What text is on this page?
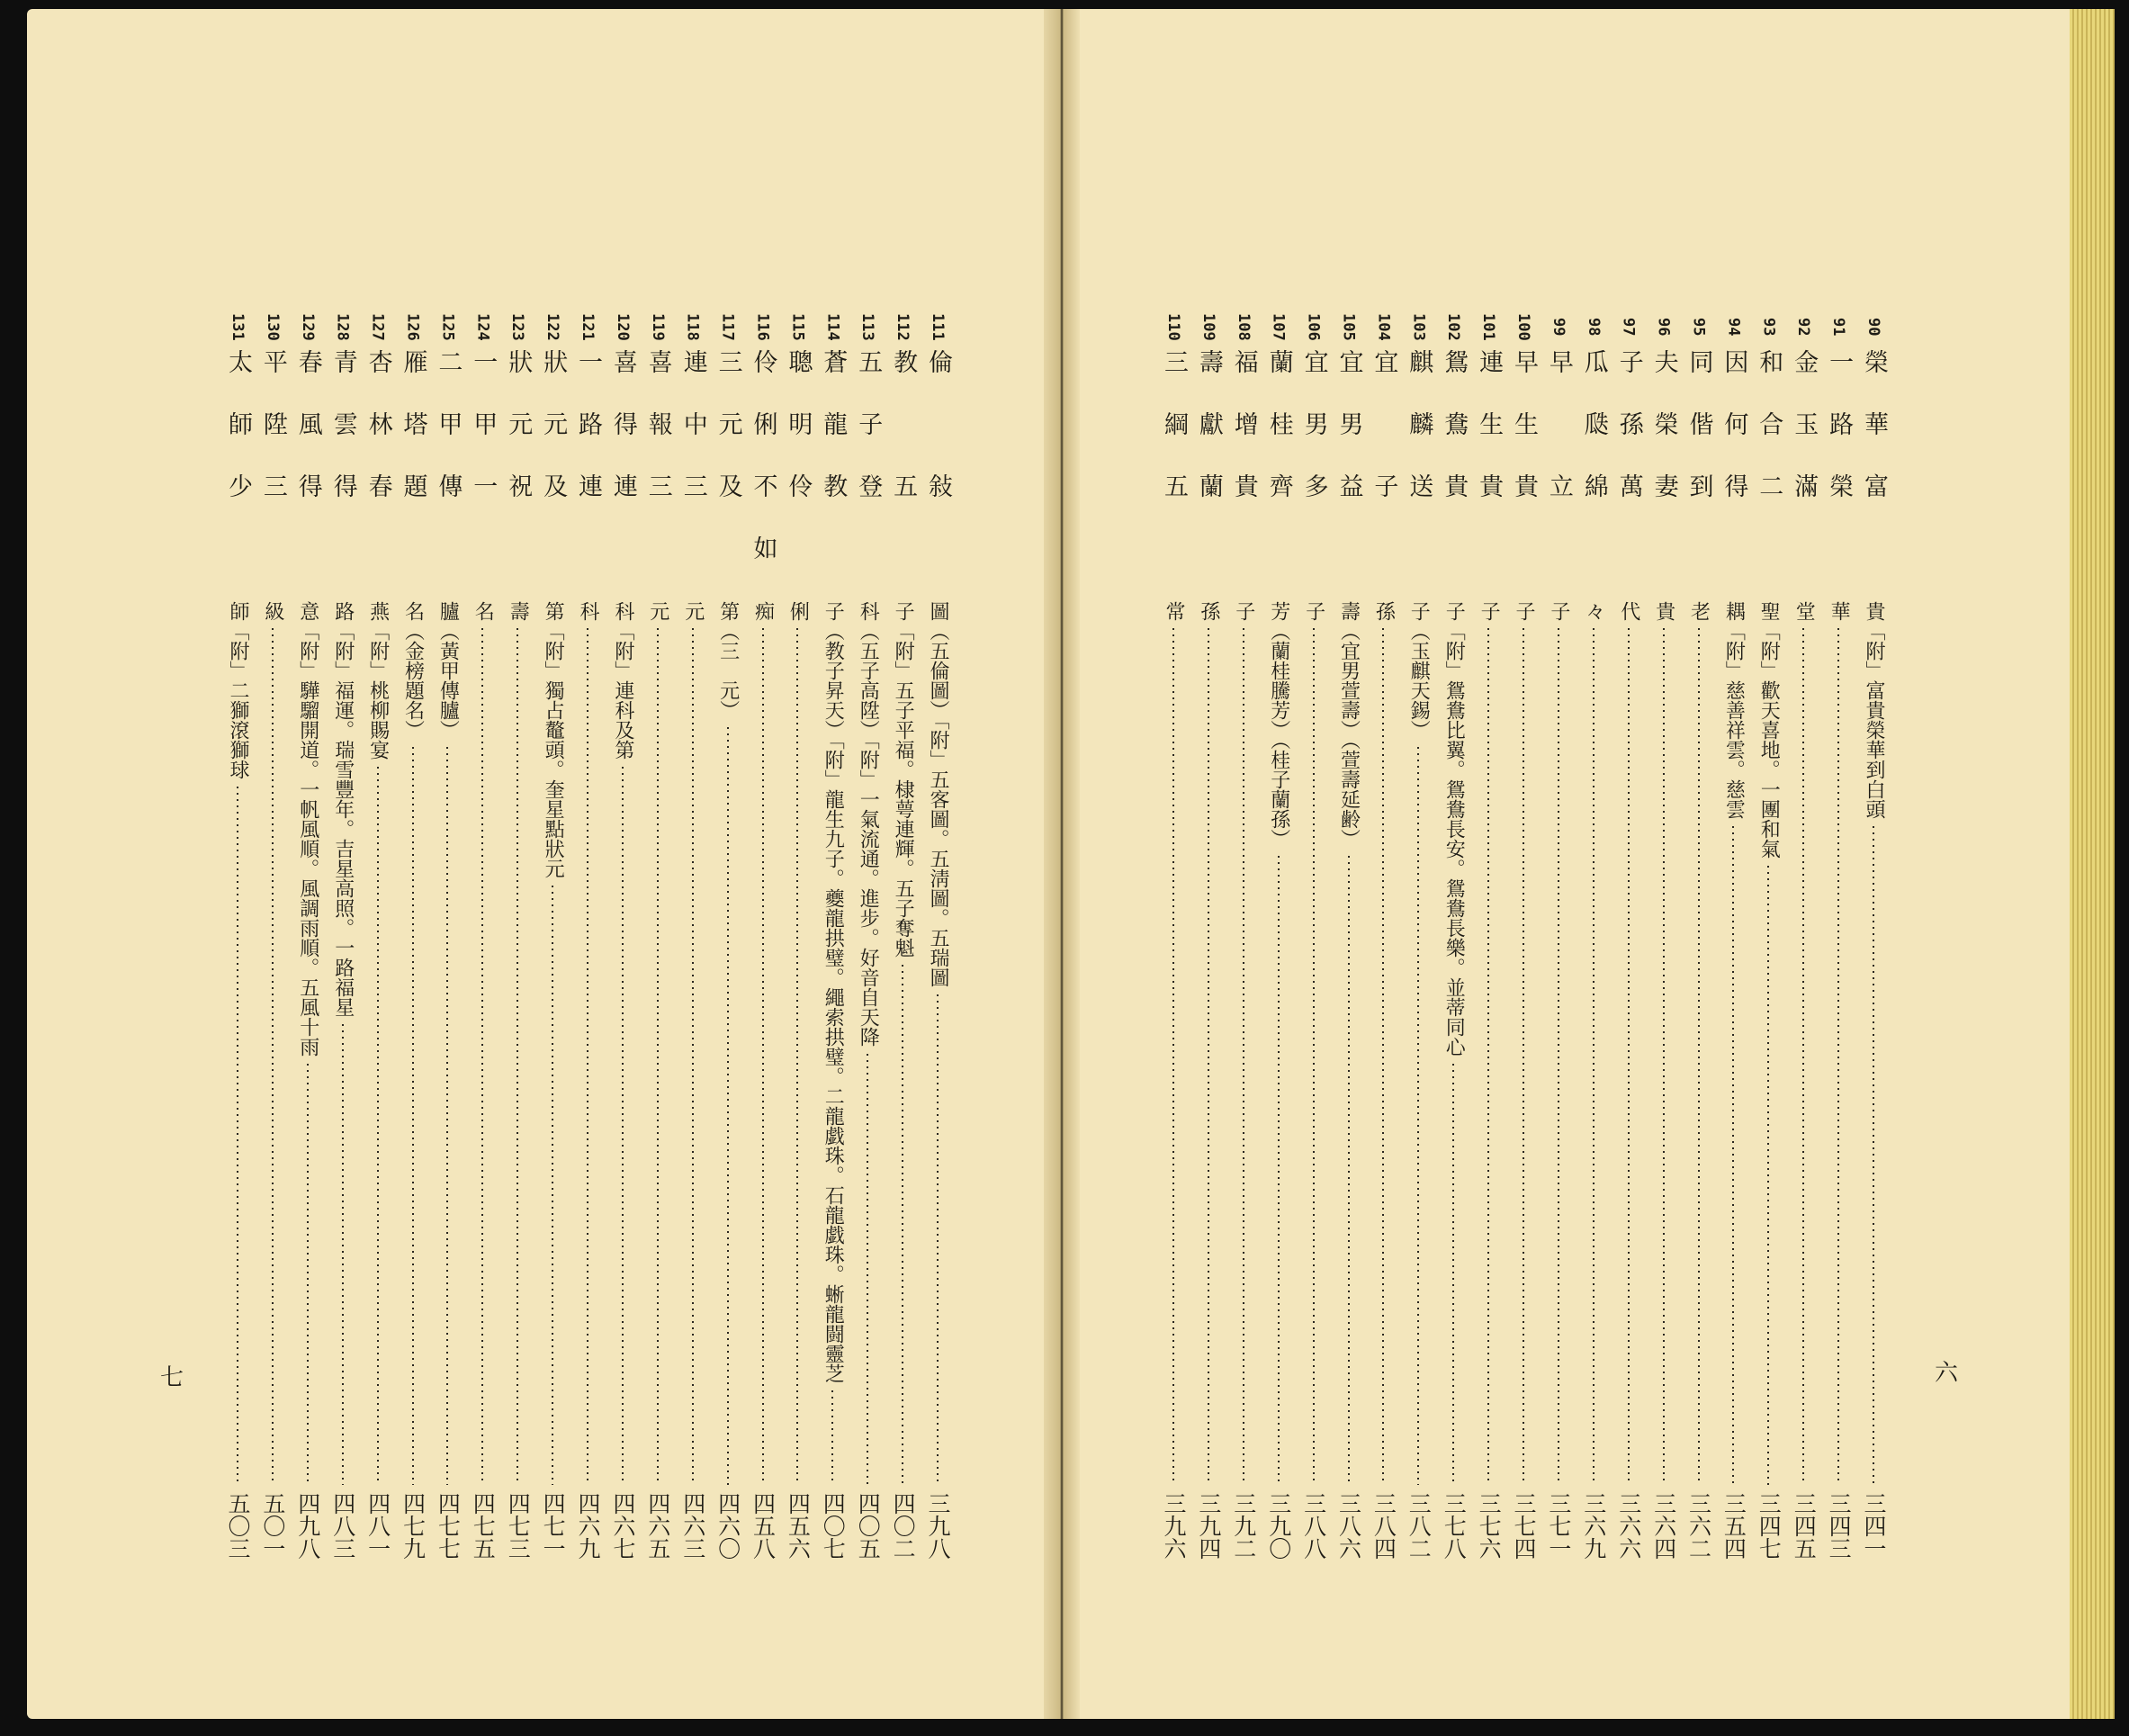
七	六
90
榮華富
貴「附」富貴榮華到白頭
三四一
91
一路榮
華
三四三
92
金玉滿
堂
三四五
93
和合二
聖「附」歡天喜地。一團和氣
三四七
94
因何得
耦「附」慈善祥雲。慈雲
三五四
95
同偕到
老
三六二
96
夫榮妻
貴
三六四
97
子孫萬
代
三六六
98
瓜瓞綿
々
三六九
99
早　立
子
三七一
100
早生貴
子
三七四
101
連生貴
子
三七六
102
鴛鴦貴
子「附」鴛鴦比翼。鴛鴦長安。鴛鴦長樂。並蒂同心
三七八
103
麒麟送
子（玉麒天錫）
三八二
104
宜　子
孫
三八四
105
宜男益
壽（宜男萱壽）（萱壽延齢）
三八六
106
宜男多
子
三八八
107
蘭桂齊
芳（蘭桂騰芳）（桂子蘭孫）
三九〇
108
福增貴
子
三九二
109
壽獻蘭
孫
三九四
110
三綱五
常
三九六
111
倫　敍
圖（五倫圖）「附」五客圖。五淸圖。五瑞圖
三九八
112
教　五
子「附」五子平福。棣萼連輝。五子奪魁
四〇二
113
五子登
科（五子高陞）「附」一氣流通。進步。好音自天降
四〇五
114
蒼龍教
子（教子昇天）「附」龍生九子。夔龍拱璧。繩索拱璧。二龍戯珠。石龍戯珠。蜥龍闘靈芝
四〇七
115
聰明伶
俐
四五六
116
伶俐不如
痴
四五八
117
三元及
第（三　元）
四六〇
118
連中三
元
四六三
119
喜報三
元
四六五
120
喜得連
科「附」連科及第
四六七
121
一路連
科
四六九
122
狀元及
第「附」獨占鼇頭。奎星點狀元
四七一
123
狀元祝
壽
四七三
124
一甲一
名
四七五
125
二甲傳
臚（黃甲傳臚）
四七七
126
雁塔題
名（金榜題名）
四七九
127
杏林春
燕「附」桃柳賜宴
四八一
128
青雲得
路「附」福運。瑞雪豐年。吉星高照。一路福星
四八三
129
春風得
意「附」驊騮開道。一帆風順。風調雨順。五風十雨
四九八
130
平陞三
級
五〇一
131
太師少
師「附」二獅滾獅球
五〇三
